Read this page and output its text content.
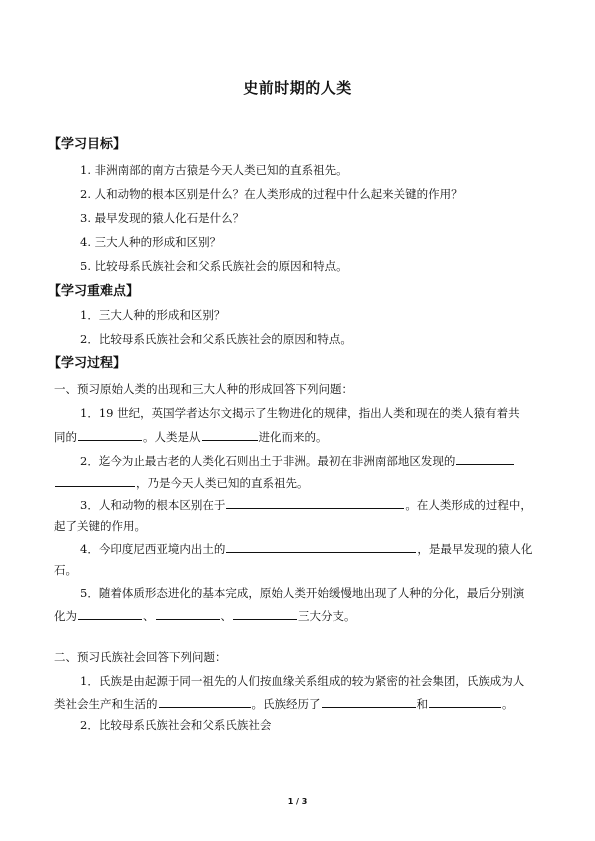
史前时期的人类
【学习目标】
1. 非洲南部的南方古猿是今天人类已知的直系祖先。
2. 人和动物的根本区别是什么？在人类形成的过程中什么起来关键的作用？
3. 最早发现的猿人化石是什么？
4. 三大人种的形成和区别？
5. 比较母系氏族社会和父系氏族社会的原因和特点。
【学习重难点】
1．三大人种的形成和区别？
2．比较母系氏族社会和父系氏族社会的原因和特点。
【学习过程】
一、预习原始人类的出现和三大人种的形成回答下列问题：
1．19 世纪，英国学者达尔文揭示了生物进化的规律，指出人类和现在的类人猿有着共
同的	。人类是从	进化而来的。
2．迄今为止最古老的人类化石则出土于非洲。最初在非洲南部地区发现的
，乃是今天人类已知的直系祖先。
3．人和动物的根本区别在于	。在人类形成的过程中，
起了关键的作用。
4．今印度尼西亚境内出土的	，是最早发现的猿人化
石。
5．随着体质形态进化的基本完成，原始人类开始缓慢地出现了人种的分化，最后分别演
化为	、	、	三大分支。
二、预习氏族社会回答下列问题：
1．氏族是由起源于同一祖先的人们按血缘关系组成的较为紧密的社会集团，氏族成为人
类社会生产和生活的	。氏族经历了	和	。
2．比较母系氏族社会和父系氏族社会
1 / 3
